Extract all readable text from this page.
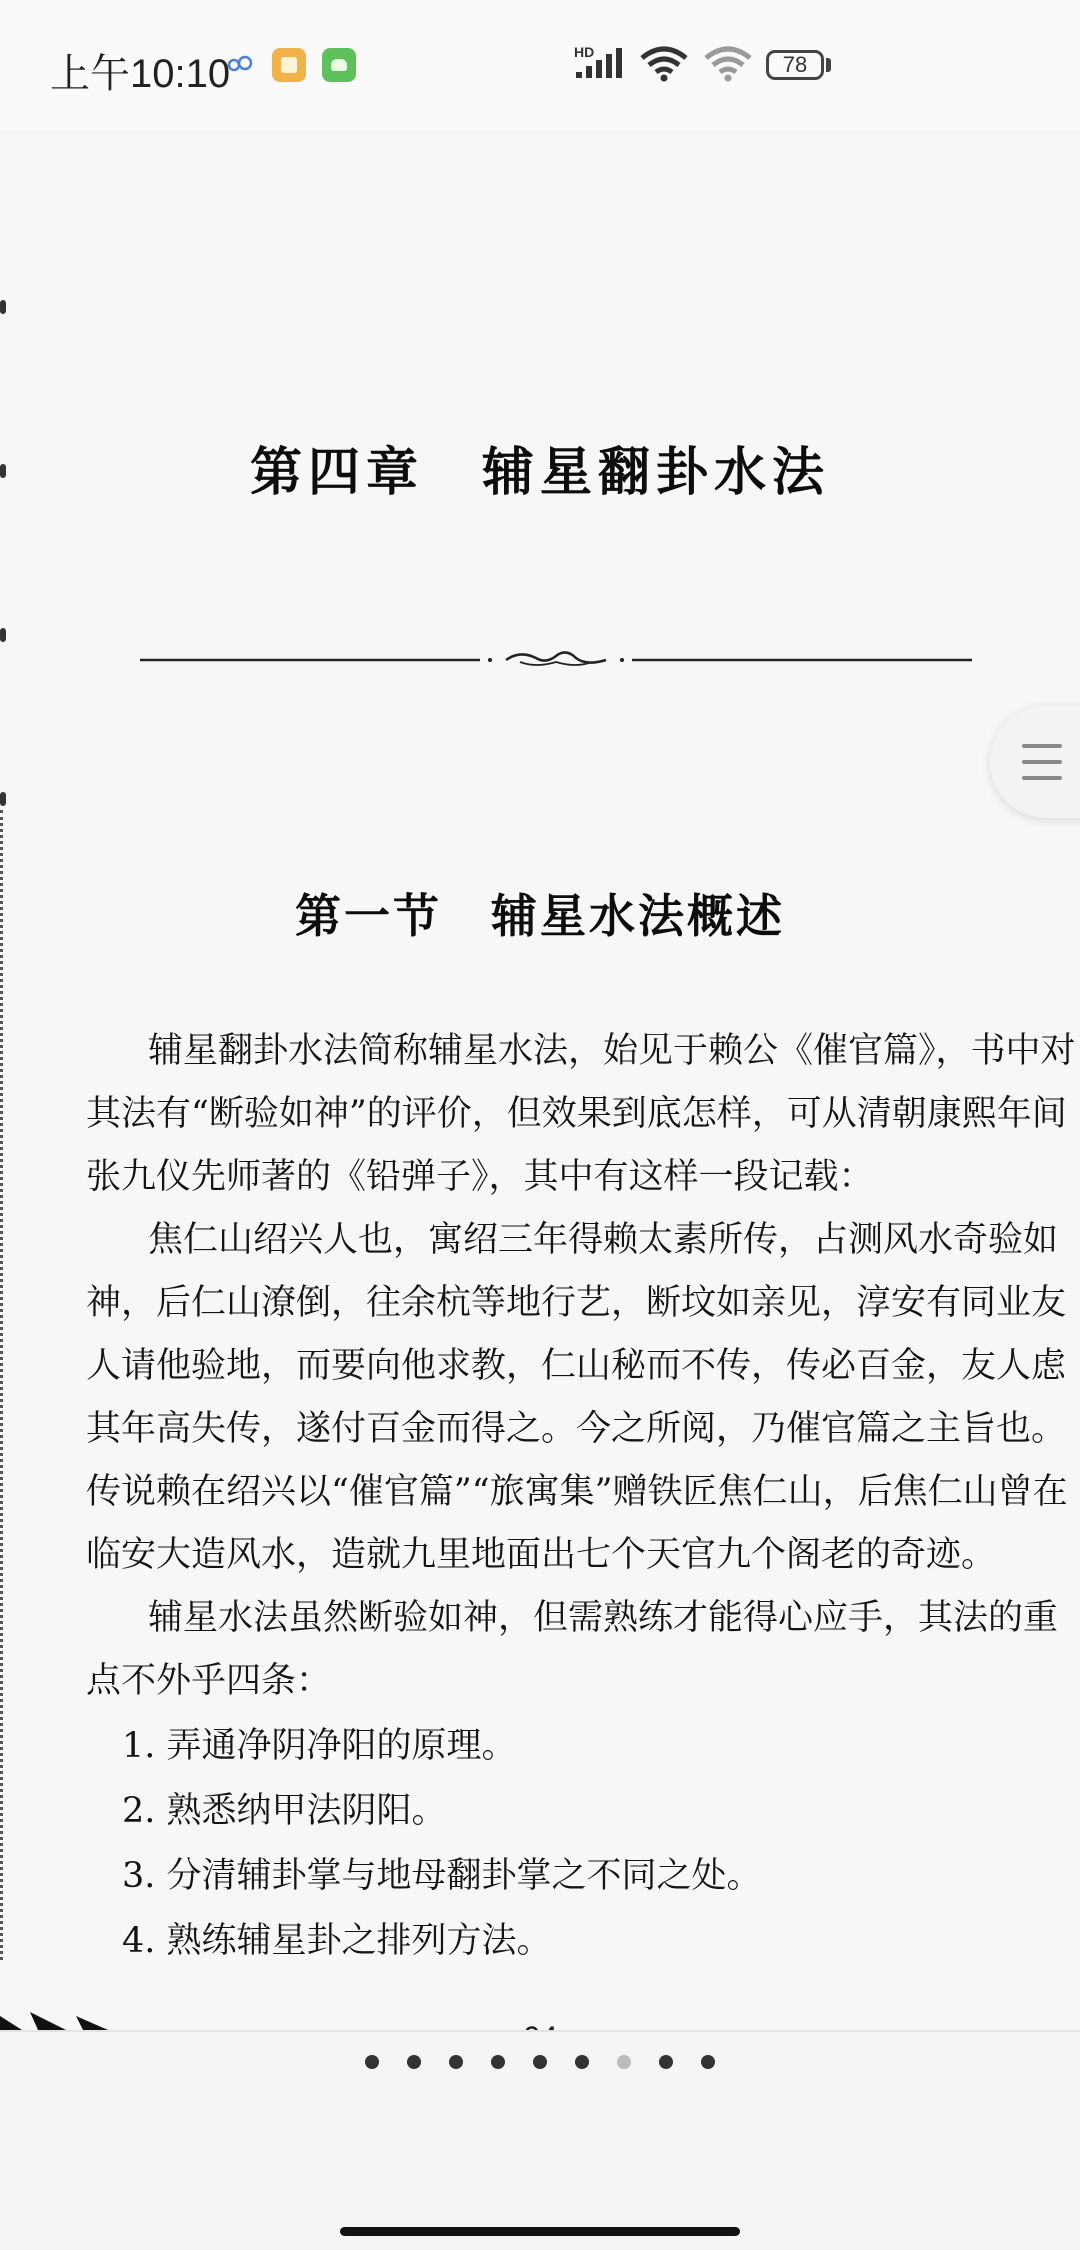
上午10:10	HD	78
第四章　辅星翻卦水法
第一节　辅星水法概述

辅星翻卦水法简称辅星水法，始见于赖公《催官篇》，书中对其法有“断验如神”的评价，但效果到底怎样，可从清朝康熙年间张九仪先师著的《铅弹子》，其中有这样一段记载：

焦仁山绍兴人也，寓绍三年得赖太素所传，占测风水奇验如神，后仁山潦倒，往余杭等地行艺，断坟如亲见，淳安有同业友人请他验地，而要向他求教，仁山秘而不传，传必百金，友人虑其年高失传，遂付百金而得之。今之所阅，乃催官篇之主旨也。传说赖在绍兴以“催官篇”“旅寓集”赠铁匠焦仁山，后焦仁山曾在临安大造风水，造就九里地面出七个天官九个阁老的奇迹。

辅星水法虽然断验如神，但需熟练才能得心应手，其法的重点不外乎四条：

1. 弄通净阴净阳的原理。
2. 熟悉纳甲法阴阳。
3. 分清辅卦掌与地母翻卦掌之不同之处。
4. 熟练辅星卦之排列方法。
